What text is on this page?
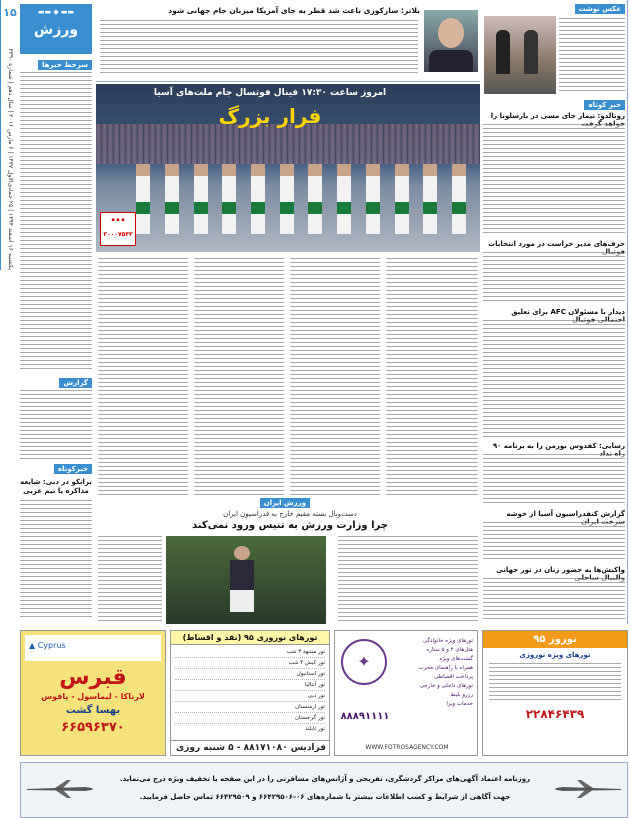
۱۵
یکشنبه ۱۶ اسفند ۱۳۹۴ | ۲۵ جمادی‌الاول ۱۴۳۷ | ۶ مارس ۲۰۱۶ | سال دهم | شماره ۳۳۹۰
▬▬ ◆ ▬▬
ورزش
سرخط خبرها
گزارش
خبرکوتاه
برانکو در دبی: شایعه مذاکره با تیم عربی
بلاتر: سارکوزی باعث شد قطر به جای آمریکا میزبان جام جهانی شود
امروز ساعت ۱۷:۳۰ فینال فوتسال جام ملت‌های آسیا
فرار بزرگ
▪ ▪ ▪
۳۰۰۰۷۵۴۳
ورزش ایران
دست‌و‌بال بسته مقیم خارج به فدراسیون ایران
چرا وزارت ورزش به تنیس ورود نمی‌کند
عکس نوشت
خبر کوتاه
رونالدو: نیمار جای مسی در بارسلونا را
حرف‌های مدیر حراست در مورد انتخابات
دیدار با مسئولان AFC برای تعلیق
رسایی: کفدوس بورمن را به برنامه ۹۰
گزارش کنفدراسیون آسیا از خوشه
واکنش‌ها به حضور زنان در تور جهانی
▲ Cyprus
قبرس
لارناکا - لیماسول - پافوس
بهسا گشت
۶۶۵۹۶۳۷۰
تورهای نوروزی ۹۵ (نقد و اقساط)
تور مشهد ۳ شب
تور کیش ۴ شب
تور استانبول
تور آنتالیا
تور دبی
تور ارمنستان
تور گرجستان
تور تایلند
فرادیس ۸۸۱۷۱۰۸۰ - ۵ شنبه روزی
✦
تورهای ویژه خانوادگی
هتل‌های ۴ و ۵ ستاره
گشت‌های ویژه
همراه با راهنمای مجرب
پرداخت اقساطی
تورهای داخلی و خارجی
رزرو بلیط
خدمات ویزا
۸۸۸۹۱۱۱۱
WWW.FOTROSAGENCY.COM
نوروز ۹۵
تورهای ویژه نوروزی
۲۲۸۴۶۴۳۹
روزنامه اعتماد آگهی‌های مراکز گردشگری، تفریحی و آژانس‌های مسافرتی را در این صفحه با تخفیف ویژه درج می‌نماید.
جهت آگاهی از شرایط و کسب اطلاعات بیشتر با شماره‌های ۰۶-۶۶۴۲۹۵۰۶ و ۶۶۴۲۹۵۰۹ تماس حاصل فرمایید.
